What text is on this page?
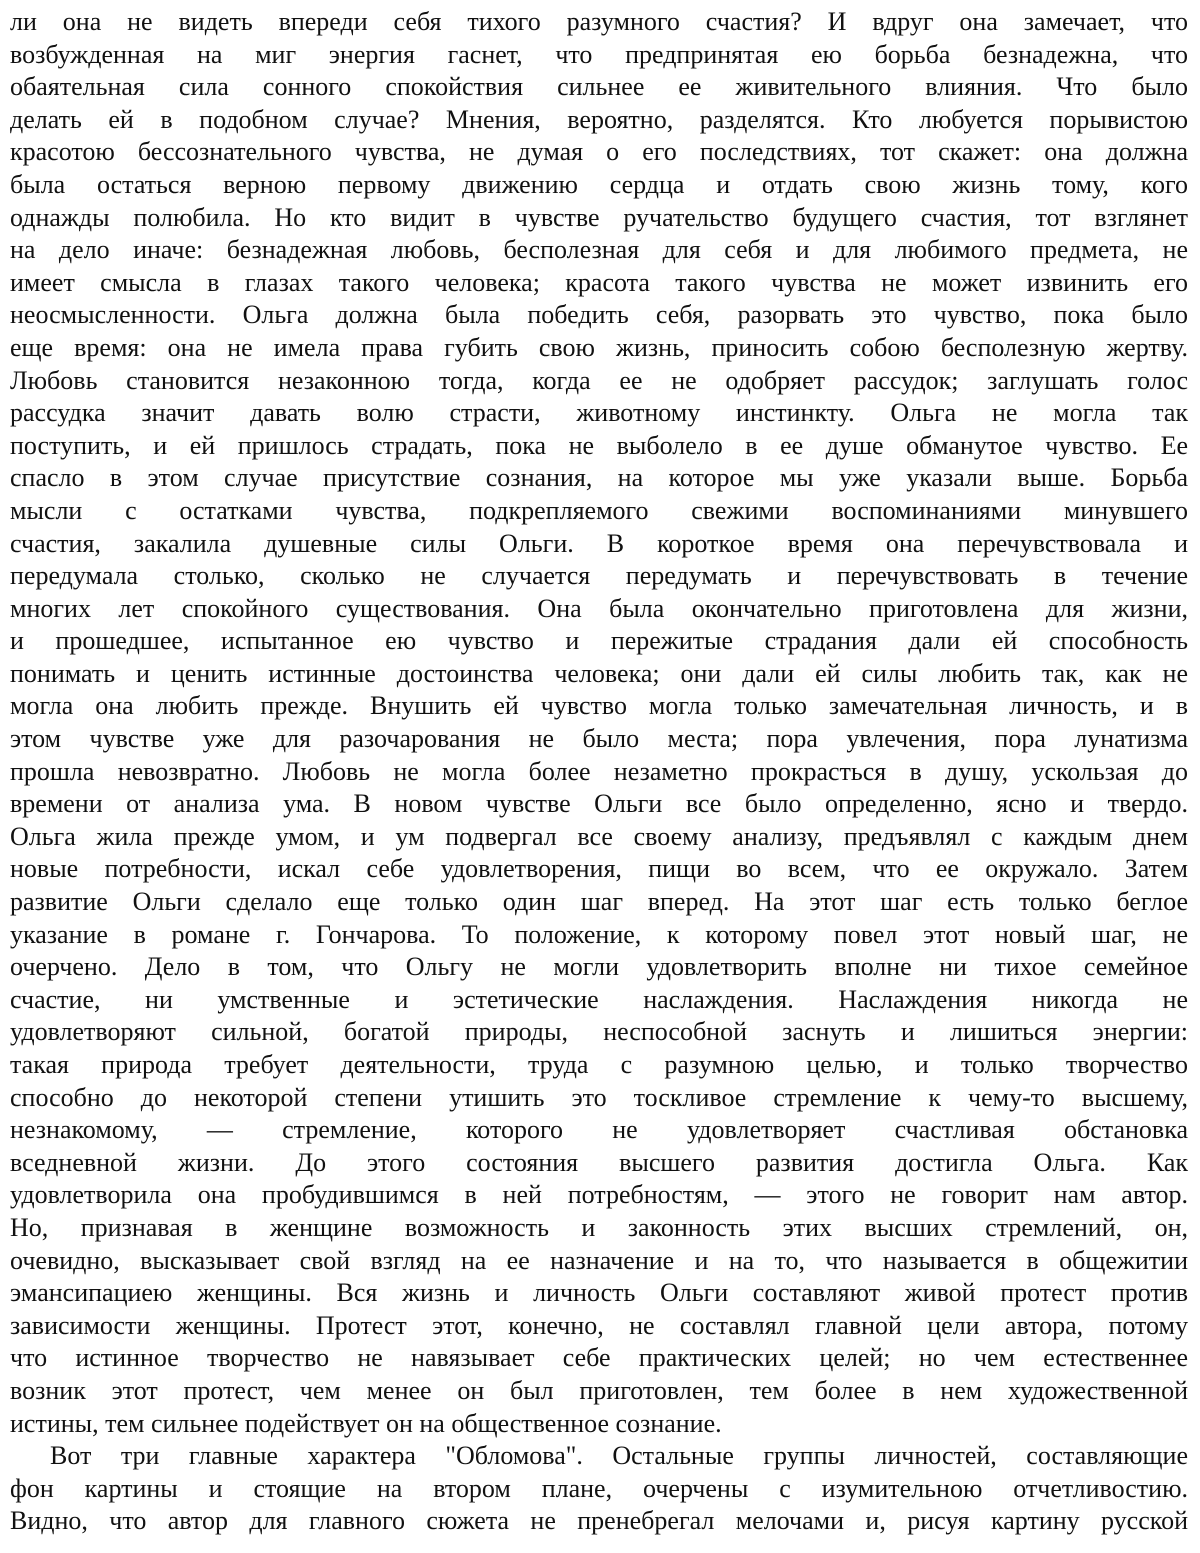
ли она не видеть впереди себя тихого разумного счастия? И вдруг она замечает, что
возбужденная на миг энергия гаснет, что предпринятая ею борьба безнадежна, что
обаятельная сила сонного спокойствия сильнее ее живительного влияния. Что было
делать ей в подобном случае? Мнения, вероятно, разделятся. Кто любуется порывистою
красотою бессознательного чувства, не думая о его последствиях, тот скажет: она должна
была остаться верною первому движению сердца и отдать свою жизнь тому, кого
однажды полюбила. Но кто видит в чувстве ручательство будущего счастия, тот взглянет
на дело иначе: безнадежная любовь, бесполезная для себя и для любимого предмета, не
имеет смысла в глазах такого человека; красота такого чувства не может извинить его
неосмысленности. Ольга должна была победить себя, разорвать это чувство, пока было
еще время: она не имела права губить свою жизнь, приносить собою бесполезную жертву.
Любовь становится незаконною тогда, когда ее не одобряет рассудок; заглушать голос
рассудка значит давать волю страсти, животному инстинкту. Ольга не могла так
поступить, и ей пришлось страдать, пока не выболело в ее душе обманутое чувство. Ее
спасло в этом случае присутствие сознания, на которое мы уже указали выше. Борьба
мысли с остатками чувства, подкрепляемого свежими воспоминаниями минувшего
счастия, закалила душевные силы Ольги. В короткое время она перечувствовала и
передумала столько, сколько не случается передумать и перечувствовать в течение
многих лет спокойного существования. Она была окончательно приготовлена для жизни,
и прошедшее, испытанное ею чувство и пережитые страдания дали ей способность
понимать и ценить истинные достоинства человека; они дали ей силы любить так, как не
могла она любить прежде. Внушить ей чувство могла только замечательная личность, и в
этом чувстве уже для разочарования не было места; пора увлечения, пора лунатизма
прошла невозвратно. Любовь не могла более незаметно прокрасться в душу, ускользая до
времени от анализа ума. В новом чувстве Ольги все было определенно, ясно и твердо.
Ольга жила прежде умом, и ум подвергал все своему анализу, предъявлял с каждым днем
новые потребности, искал себе удовлетворения, пищи во всем, что ее окружало. Затем
развитие Ольги сделало еще только один шаг вперед. На этот шаг есть только беглое
указание в романе г. Гончарова. То положение, к которому повел этот новый шаг, не
очерчено. Дело в том, что Ольгу не могли удовлетворить вполне ни тихое семейное
счастие, ни умственные и эстетические наслаждения. Наслаждения никогда не
удовлетворяют сильной, богатой природы, неспособной заснуть и лишиться энергии:
такая природа требует деятельности, труда с разумною целью, и только творчество
способно до некоторой степени утишить это тоскливое стремление к чему-то высшему,
незнакомому, — стремление, которого не удовлетворяет счастливая обстановка
вседневной жизни. До этого состояния высшего развития достигла Ольга. Как
удовлетворила она пробудившимся в ней потребностям, — этого не говорит нам автор.
Но, признавая в женщине возможность и законность этих высших стремлений, он,
очевидно, высказывает свой взгляд на ее назначение и на то, что называется в общежитии
эмансипациею женщины. Вся жизнь и личность Ольги составляют живой протест против
зависимости женщины. Протест этот, конечно, не составлял главной цели автора, потому
что истинное творчество не навязывает себе практических целей; но чем естественнее
возник этот протест, чем менее он был приготовлен, тем более в нем художественной
истины, тем сильнее подействует он на общественное сознание.
Вот три главные характера "Обломова". Остальные группы личностей, составляющие
фон картины и стоящие на втором плане, очерчены с изумительною отчетливостию.
Видно, что автор для главного сюжета не пренебрегал мелочами и, рисуя картину русской
